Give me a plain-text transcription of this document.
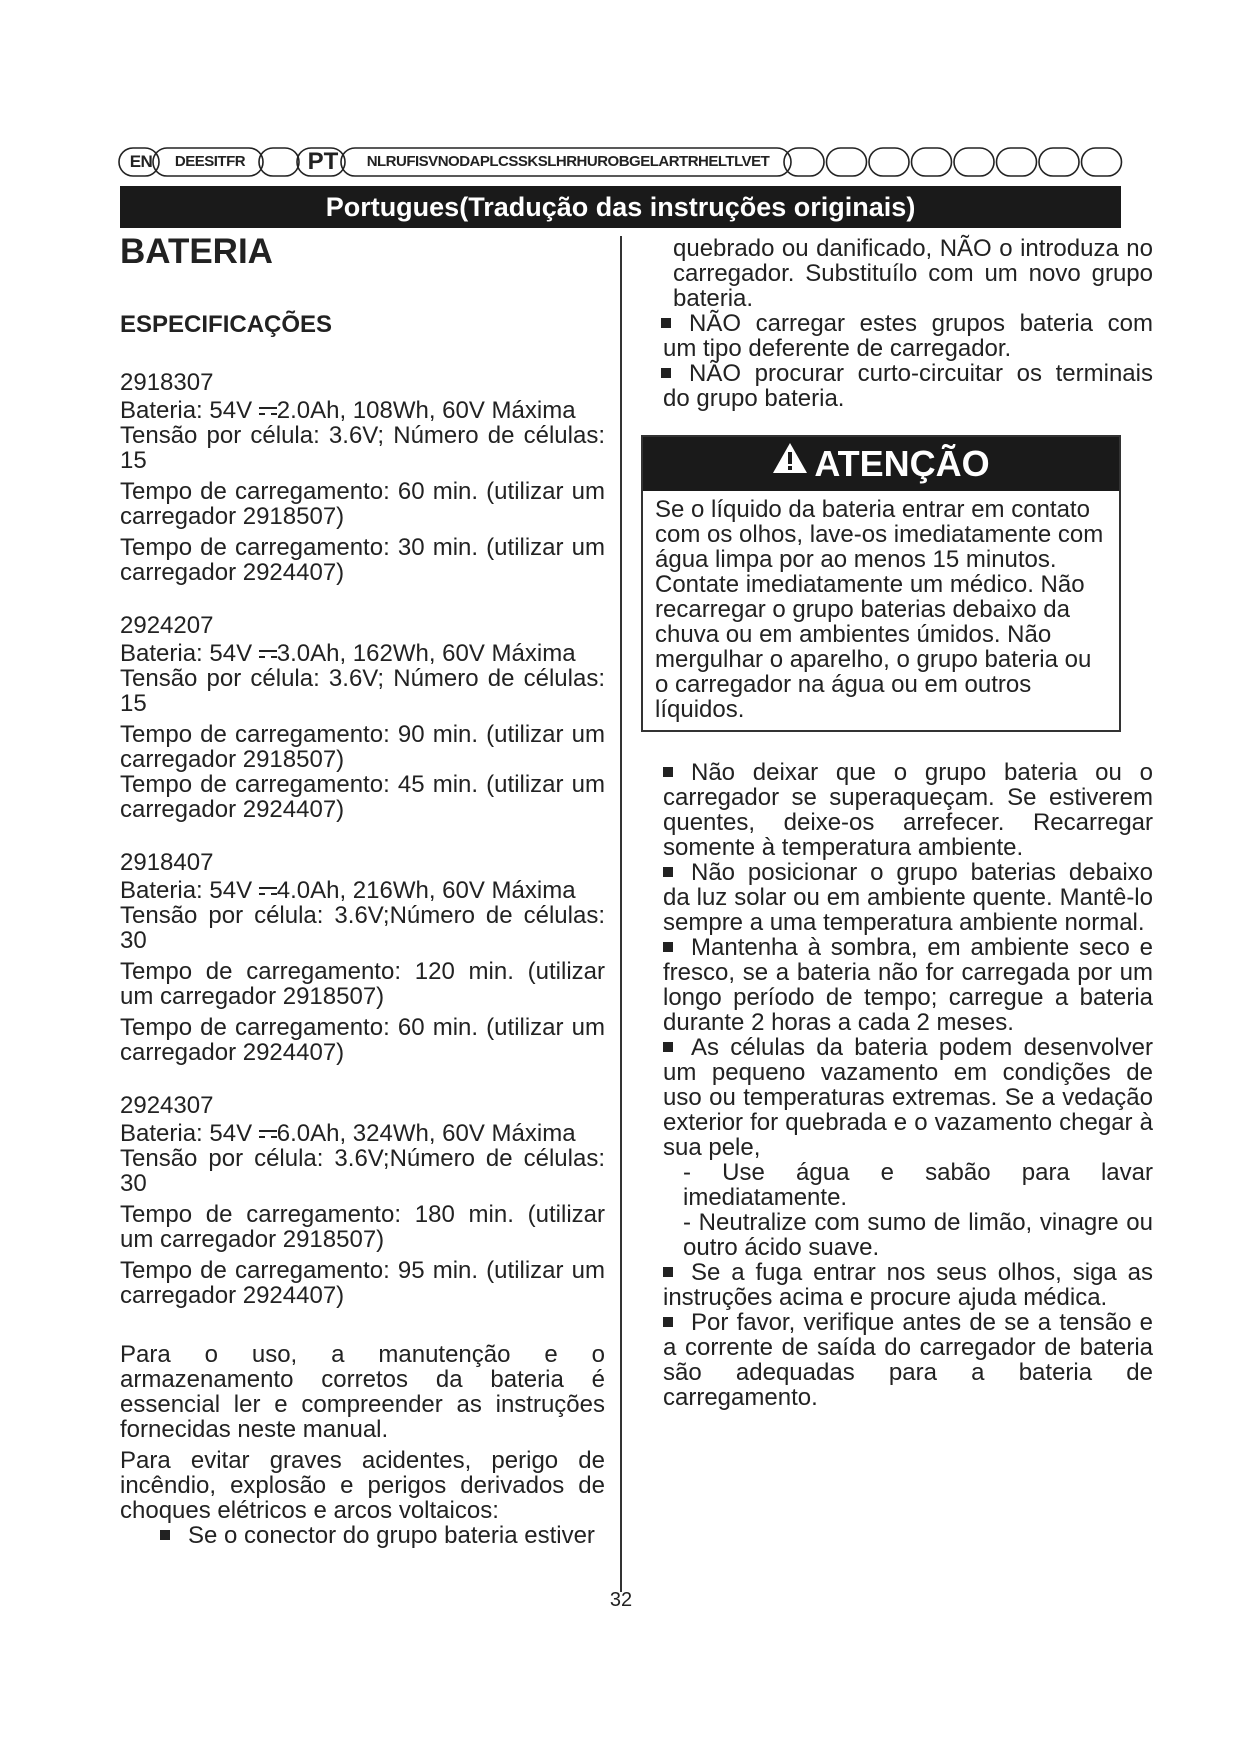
EN	DEESITFR	PT	NLRUFISVNODAPLCSSKSLHRHUROBGELARTRHELTLVET
Portugues(Tradução das instruções originais)
BATERIA
ESPECIFICAÇÕES
2918307
Bateria: 54V 2.0Ah, 108Wh, 60V Máxima
Tensão por célula: 3.6V; Número de células: 15
Tempo de carregamento: 60 min. (utilizar um carregador 2918507)
Tempo de carregamento: 30 min. (utilizar um carregador 2924407)
2924207
Bateria: 54V 3.0Ah, 162Wh, 60V Máxima
Tensão por célula: 3.6V; Número de células: 15
Tempo de carregamento: 90 min. (utilizar um carregador 2918507)
Tempo de carregamento: 45 min. (utilizar um carregador 2924407)
2918407
Bateria: 54V 4.0Ah, 216Wh, 60V Máxima
Tensão por célula: 3.6V;Número de células: 30
Tempo de carregamento: 120 min. (utilizar um carregador 2918507)
Tempo de carregamento: 60 min. (utilizar um carregador 2924407)
2924307
Bateria: 54V 6.0Ah, 324Wh, 60V Máxima
Tensão por célula: 3.6V;Número de células: 30
Tempo de carregamento: 180 min. (utilizar um carregador 2918507)
Tempo de carregamento: 95 min. (utilizar um carregador 2924407)
Para o uso, a manutenção e o armazenamento corretos da bateria é essencial ler e compreender as instruções fornecidas neste manual.
Para evitar graves acidentes, perigo de incêndio, explosão e perigos derivados de choques elétricos e arcos voltaicos:
Se o conector do grupo bateria estiver
quebrado ou danificado, NÃO o introduza no carregador. Substituílo com um novo grupo bateria.
NÃO carregar estes grupos bateria com um tipo deferente de carregador.
NÃO procurar curto-circuitar os terminais do grupo bateria.
ATENÇÃO
Se o líquido da bateria entrar em contato com os olhos, lave-os imediatamente com água limpa por ao menos 15 minutos. Contate imediatamente um médico. Não recarregar o grupo baterias debaixo da chuva ou em ambientes úmidos. Não mergulhar o aparelho, o grupo bateria ou o carregador na água ou em outros líquidos.
Não deixar que o grupo bateria ou o carregador se superaqueçam. Se estiverem quentes, deixe-os arrefecer. Recarregar somente à temperatura ambiente.
Não posicionar o grupo baterias debaixo da luz solar ou em ambiente quente. Mantê-lo sempre a uma temperatura ambiente normal.
Mantenha à sombra, em ambiente seco e fresco, se a bateria não for carregada por um longo período de tempo; carregue a bateria durante 2 horas a cada 2 meses.
As células da bateria podem desenvolver um pequeno vazamento em condições de uso ou temperaturas extremas. Se a vedação exterior for quebrada e o vazamento chegar à sua pele,
- Use água e sabão para lavar imediatamente.
- Neutralize com sumo de limão, vinagre ou outro ácido suave.
Se a fuga entrar nos seus olhos, siga as instruções acima e procure ajuda médica.
Por favor, verifique antes de se a tensão e a corrente de saída do carregador de bateria são adequadas para a bateria de carregamento.
32
